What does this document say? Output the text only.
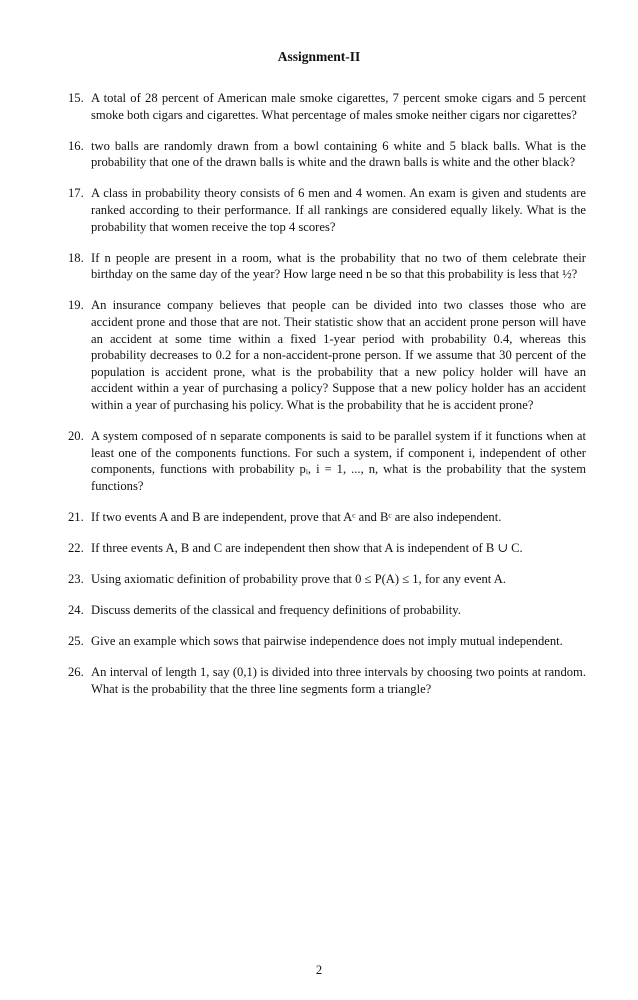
Assignment-II
15. A total of 28 percent of American male smoke cigarettes, 7 percent smoke cigars and 5 percent smoke both cigars and cigarettes. What percentage of males smoke neither cigars nor cigarettes?
16. two balls are randomly drawn from a bowl containing 6 white and 5 black balls. What is the probability that one of the drawn balls is white and the drawn balls is white and the other black?
17. A class in probability theory consists of 6 men and 4 women. An exam is given and students are ranked according to their performance. If all rankings are considered equally likely. What is the probability that women receive the top 4 scores?
18. If n people are present in a room, what is the probability that no two of them celebrate their birthday on the same day of the year? How large need n be so that this probability is less that ½?
19. An insurance company believes that people can be divided into two classes those who are accident prone and those that are not. Their statistic show that an accident prone person will have an accident at some time within a fixed 1-year period with probability 0.4, whereas this probability decreases to 0.2 for a non-accident-prone person. If we assume that 30 percent of the population is accident prone, what is the probability that a new policy holder will have an accident within a year of purchasing a policy? Suppose that a new policy holder has an accident within a year of purchasing his policy. What is the probability that he is accident prone?
20. A system composed of n separate components is said to be parallel system if it functions when at least one of the components functions. For such a system, if component i, independent of other components, functions with probability pᵢ, i = 1, ..., n, what is the probability that the system functions?
21. If two events A and B are independent, prove that Aᶜ and Bᶜ are also independent.
22. If three events A, B and C are independent then show that A is independent of B ∪ C.
23. Using axiomatic definition of probability prove that 0 ≤ P(A) ≤ 1, for any event A.
24. Discuss demerits of the classical and frequency definitions of probability.
25. Give an example which sows that pairwise independence does not imply mutual independent.
26. An interval of length 1, say (0,1) is divided into three intervals by choosing two points at random. What is the probability that the three line segments form a triangle?
2
